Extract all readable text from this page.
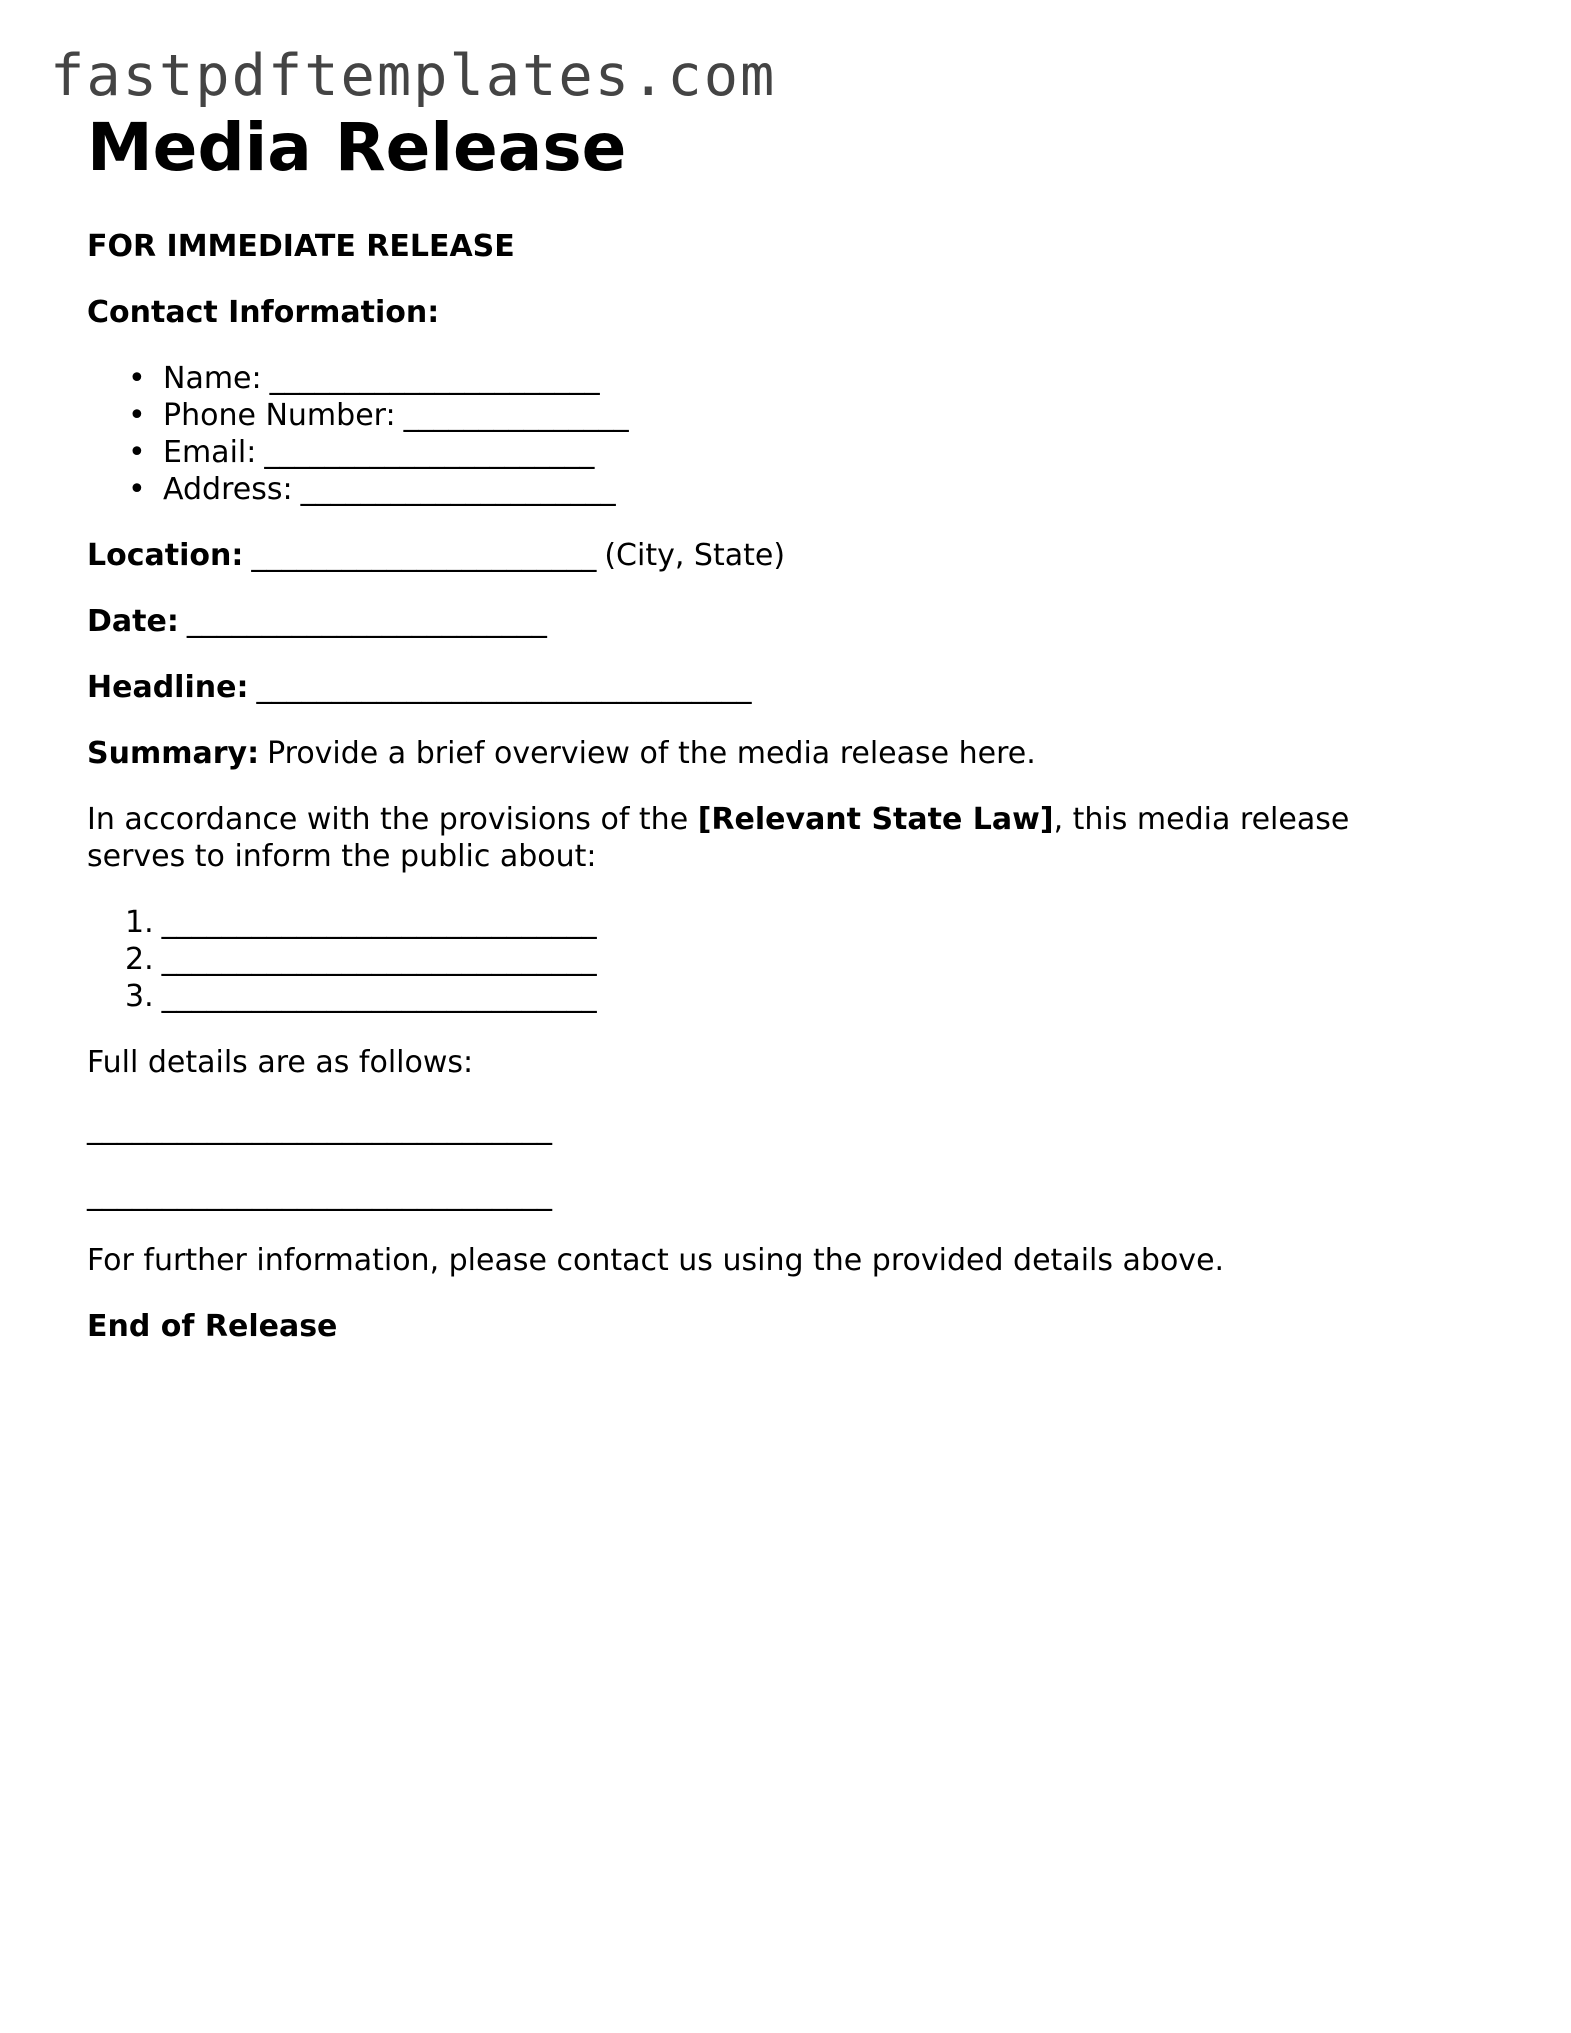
fastpdftemplates.com
Media Release

FOR IMMEDIATE RELEASE

Contact Information:

• Name: ______________________
• Phone Number: _______________
• Email: ______________________
• Address: _____________________

Location: _______________________ (City, State)

Date: ________________________

Headline: _________________________________

Summary: Provide a brief overview of the media release here.

In accordance with the provisions of the [Relevant State Law], this media release serves to inform the public about:

1. _____________________________
2. _____________________________
3. _____________________________

Full details are as follows:

_______________________________

_______________________________

For further information, please contact us using the provided details above.

End of Release
